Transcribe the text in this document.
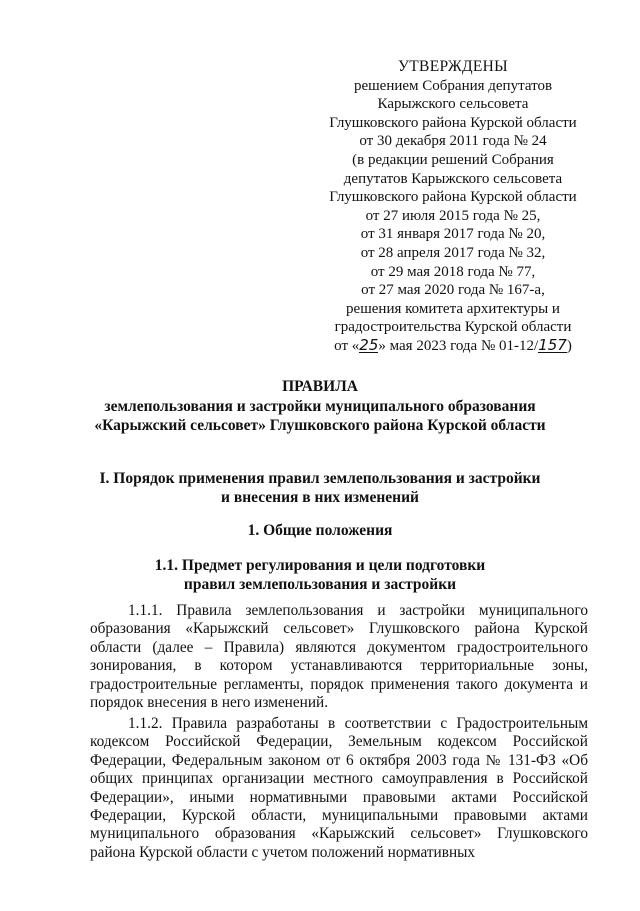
УТВЕРЖДЕНЫ
решением Собрания депутатов
Карыжского сельсовета
Глушковского района Курской области
от 30 декабря 2011 года № 24
(в редакции решений Собрания
депутатов Карыжского сельсовета
Глушковского района Курской области
от 27 июля 2015 года № 25,
от 31 января 2017 года № 20,
от 28 апреля 2017 года № 32,
от 29 мая 2018 года № 77,
от 27 мая 2020 года № 167-а,
решения комитета архитектуры и
градостроительства Курской области
от «25» мая 2023 года № 01-12/157)
ПРАВИЛА
землепользования и застройки муниципального образования
«Карыжский сельсовет» Глушковского района Курской области
I. Порядок применения правил землепользования и застройки
и внесения в них изменений
1. Общие положения
1.1. Предмет регулирования и цели подготовки
правил землепользования и застройки
1.1.1. Правила землепользования и застройки муниципального образования «Карыжский сельсовет» Глушковского района Курской области (далее – Правила) являются документом градостроительного зонирования, в котором устанавливаются территориальные зоны, градостроительные регламенты, порядок применения такого документа и порядок внесения в него изменений.
1.1.2. Правила разработаны в соответствии с Градостроительным кодексом Российской Федерации, Земельным кодексом Российской Федерации, Федеральным законом от 6 октября 2003 года № 131-ФЗ «Об общих принципах организации местного самоуправления в Российской Федерации», иными нормативными правовыми актами Российской Федерации, Курской области, муниципальными правовыми актами муниципального образования «Карыжский сельсовет» Глушковского района Курской области с учетом положений нормативных
